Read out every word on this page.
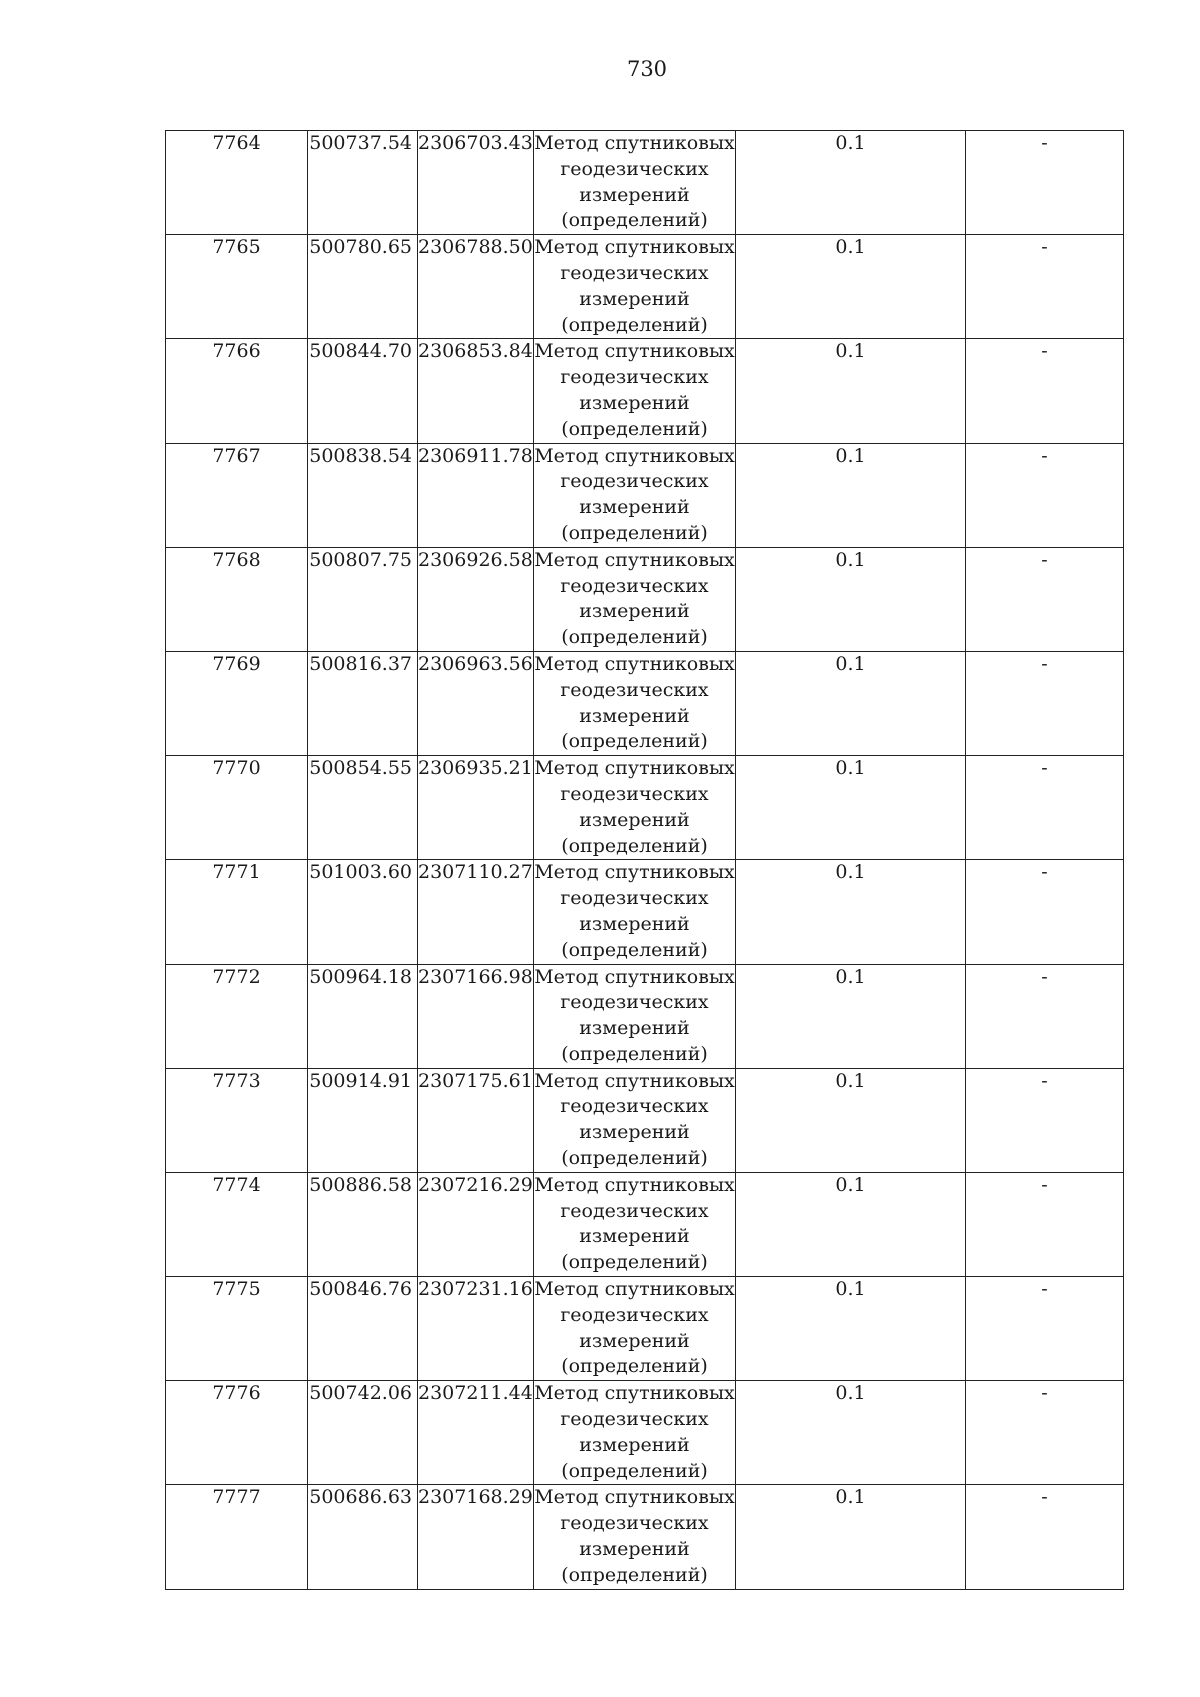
730
7764	500737.54	2306703.43	Метод спутниковых
геодезических
измерений
(определений)	0.1	-
7765	500780.65	2306788.50	Метод спутниковых
геодезических
измерений
(определений)	0.1	-
7766	500844.70	2306853.84	Метод спутниковых
геодезических
измерений
(определений)	0.1	-
7767	500838.54	2306911.78	Метод спутниковых
геодезических
измерений
(определений)	0.1	-
7768	500807.75	2306926.58	Метод спутниковых
геодезических
измерений
(определений)	0.1	-
7769	500816.37	2306963.56	Метод спутниковых
геодезических
измерений
(определений)	0.1	-
7770	500854.55	2306935.21	Метод спутниковых
геодезических
измерений
(определений)	0.1	-
7771	501003.60	2307110.27	Метод спутниковых
геодезических
измерений
(определений)	0.1	-
7772	500964.18	2307166.98	Метод спутниковых
геодезических
измерений
(определений)	0.1	-
7773	500914.91	2307175.61	Метод спутниковых
геодезических
измерений
(определений)	0.1	-
7774	500886.58	2307216.29	Метод спутниковых
геодезических
измерений
(определений)	0.1	-
7775	500846.76	2307231.16	Метод спутниковых
геодезических
измерений
(определений)	0.1	-
7776	500742.06	2307211.44	Метод спутниковых
геодезических
измерений
(определений)	0.1	-
7777	500686.63	2307168.29	Метод спутниковых
геодезических
измерений
(определений)	0.1	-
